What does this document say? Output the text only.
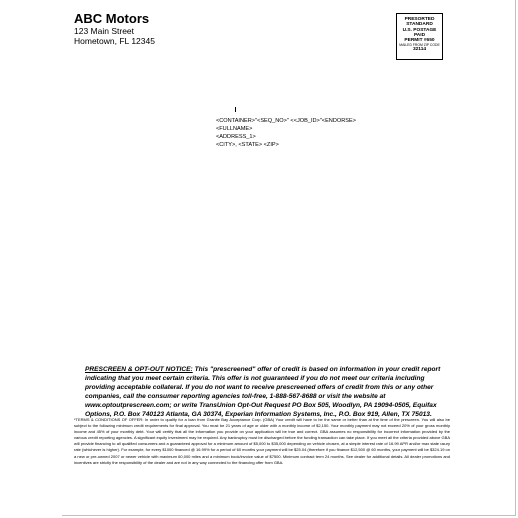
ABC Motors
123 Main Street
Hometown, FL 12345
PRESORTED
STANDARD
U.S. POSTAGE
PAID
PERMIT #650
MAILED FROM ZIP CODE
32114
<CONTAINER>"<SEQ_NO>" <<JOB_ID>"<ENDORSE>
<FULLNAME>
<ADDRESS_1>
<CITY>, <STATE> <ZIP>
PRESCREEN & OPT-OUT NOTICE: This "prescreened" offer of credit is based on information in your credit report indicating that you meet certain criteria. This offer is not guaranteed if you do not meet our criteria including providing acceptable collateral. If you do not want to receive prescreened offers of credit from this or any other companies, call the consumer reporting agencies toll-free, 1-888-567-8688 or visit the website at www.optoutprescreen.com; or write TransUnion Opt-Out Request PO Box 505, Woodlyn, PA 19094-0505, Equifax Options, P.O. Box 740123 Atlanta, GA 30374, Experian Information Systems, Inc., P.O. Box 919, Allen, TX 75013.
*TERMS & CONDITIONS OF OFFER: In order to qualify for a loan from Granite Bay Acceptance Corp. (GBA) Your credit will have to be the same or better than at the time of the prescreen. You will also be subject to the following minimum credit requirements for final approval. You must be 21 years of age or older with a monthly income of $2,150. Your monthly payment may not exceed 20% of your gross monthly income and 45% of your monthly debt. Your will certify that all the information you provide on your application will be true and correct. GBA assumes no responsibility for incorrect information provided by the various credit reporting agencies. A significant equity investment may be required. Any bankruptcy must be discharged before the funding transaction can take place. If you meet all the criteria provided above GBA will provide financing to all qualified consumers and a guaranteed approval for a minimum amount of $5,000 to $35,000 depending on vehicle chosen, at a simple interest rate of 16.99 APR and/or max state usury rate (whichever is higher). For example, for every $1000 financed @ 16.99% for a period of 60 months your payment will be $25.04 (therefore if you finance $12,500 @ 60 months, your payment will be $324.19 on a new or pre-owned 2007 or newer vehicle with maximum 60,000 miles and a minimum book/invoice value of $7500. Minimum contract term 24 months. See dealer for additional details. All dealer promotions and incentives are strictly the responsibility of the dealer and are not in any way connected to the financing offer from GBA.
